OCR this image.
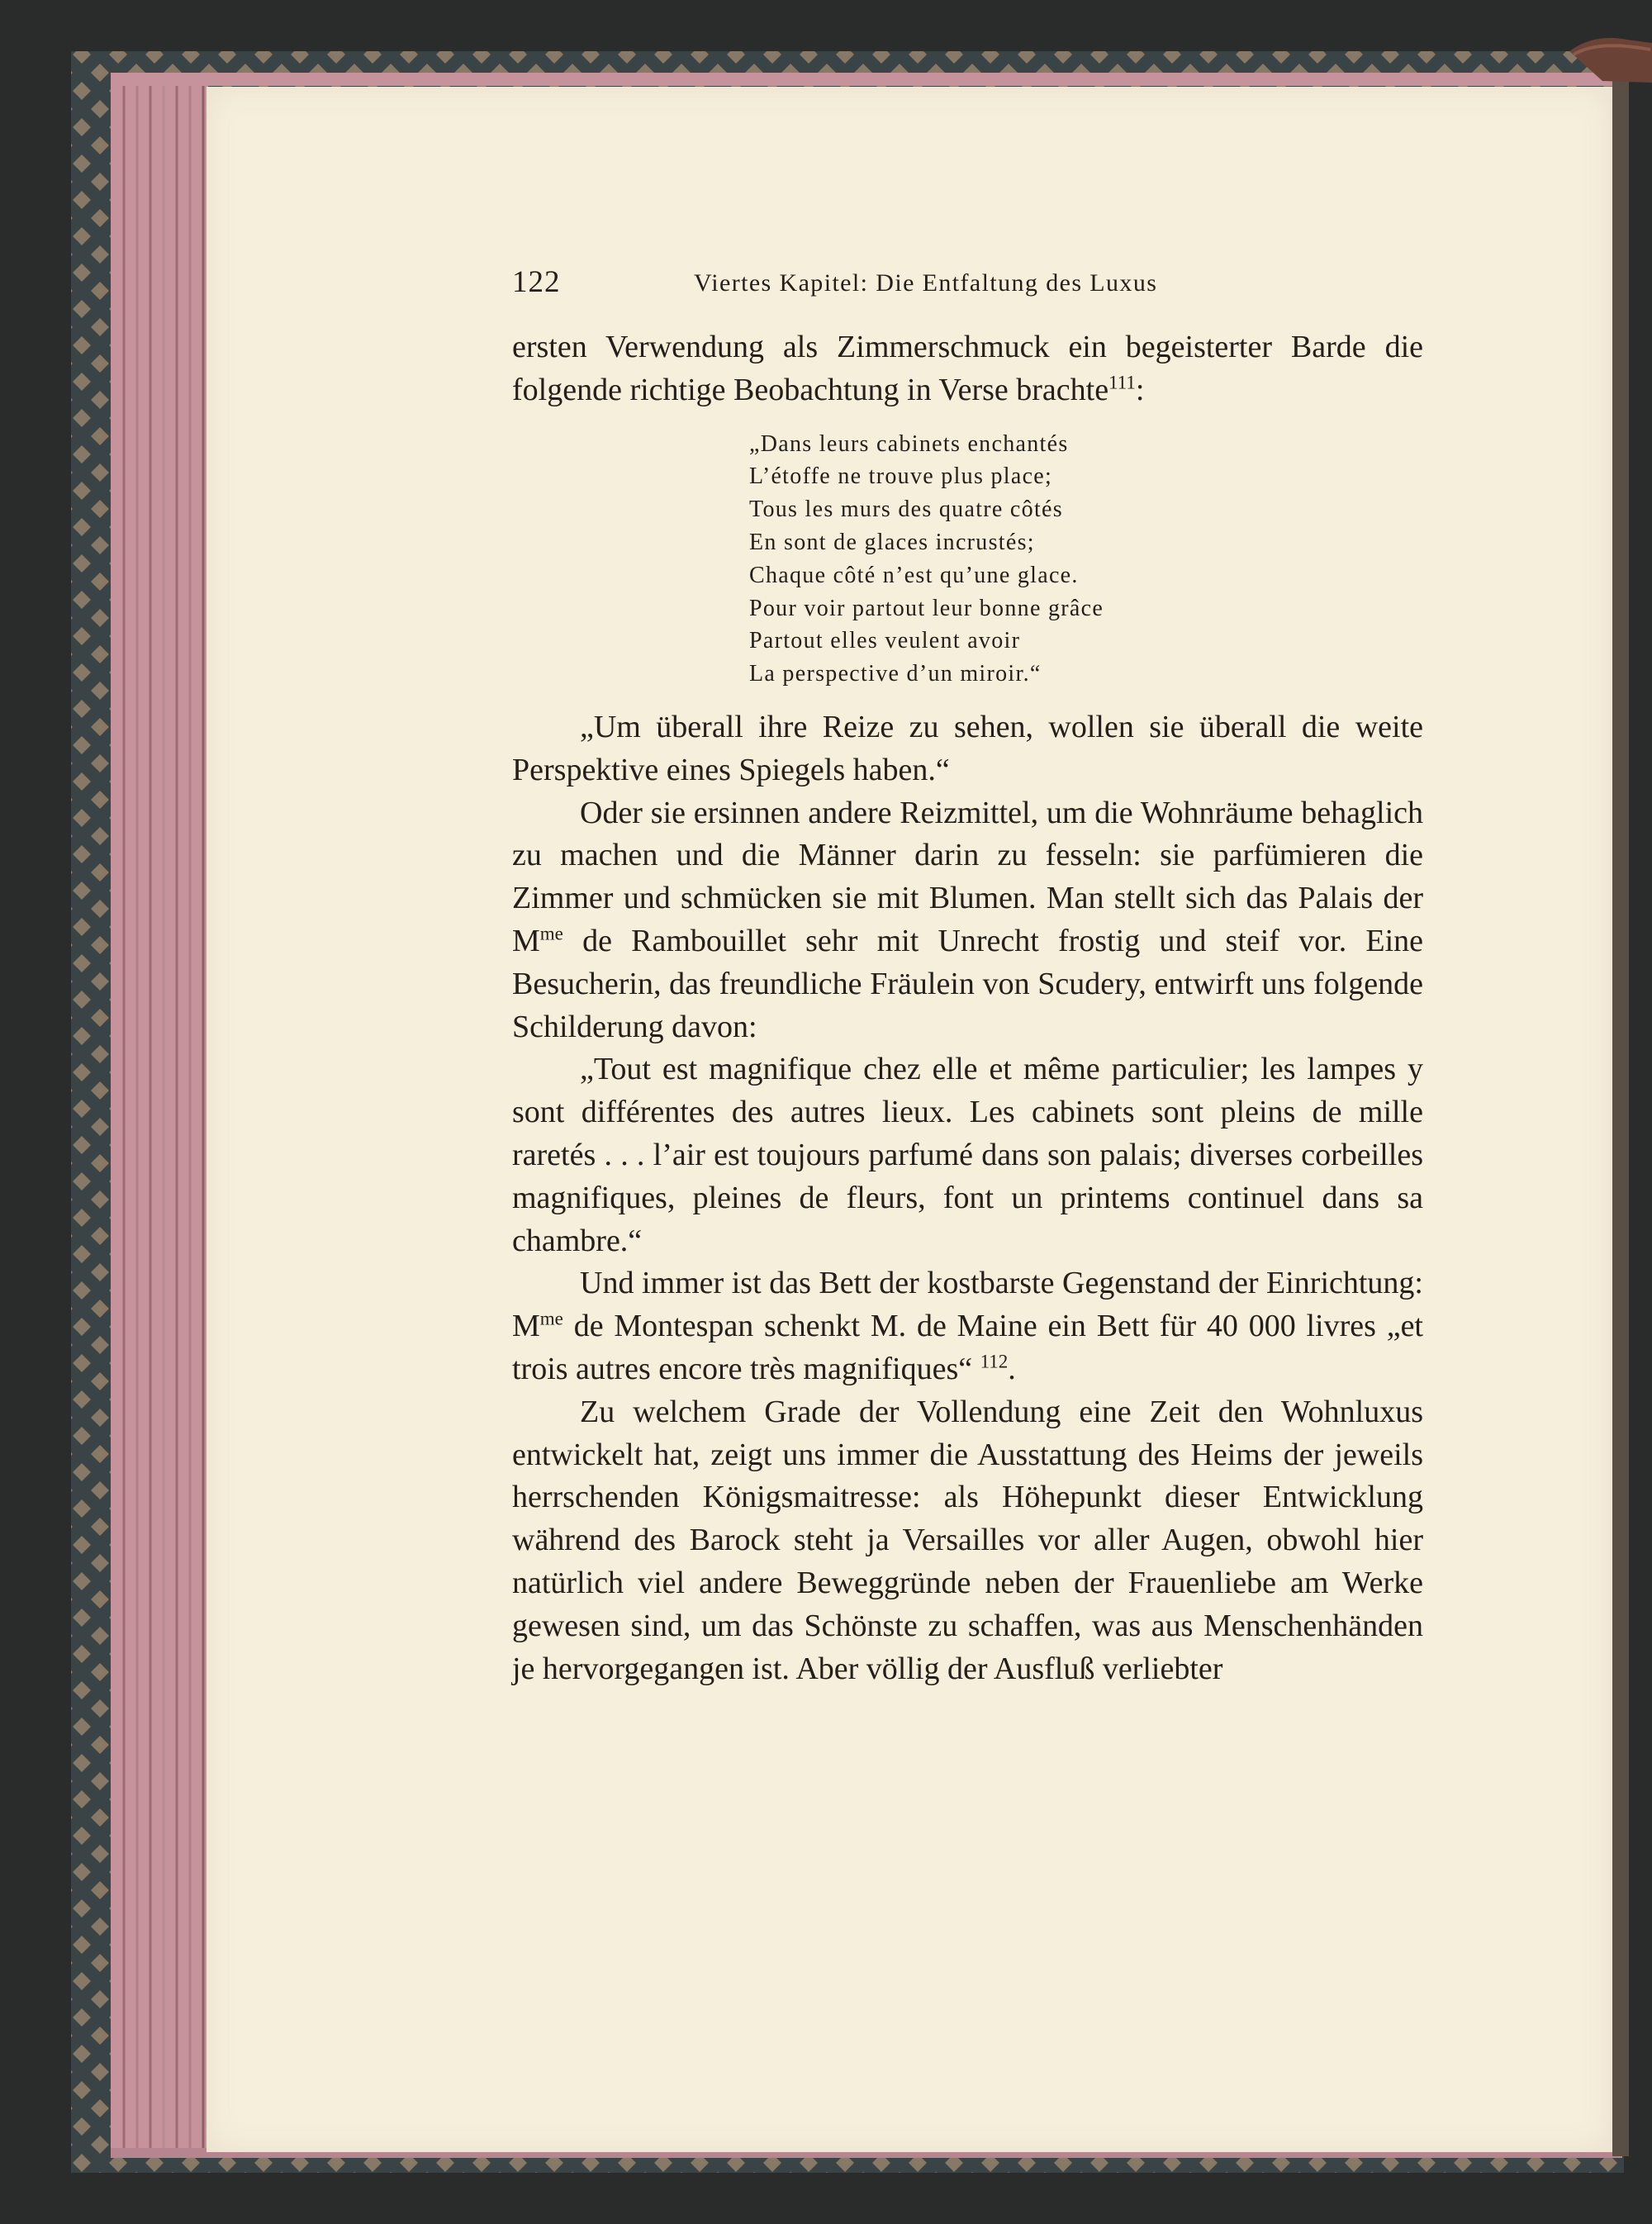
122	Viertes Kapitel: Die Entfaltung des Luxus

ersten Verwendung als Zimmerschmuck ein begeisterter Barde die folgende richtige Beobachtung in Verse brachte$^{111}$:

„Dans leurs cabinets enchantés
L’étoffe ne trouve plus place;
Tous les murs des quatre côtés
En sont de glaces incrustés;
Chaque côté n’est qu’une glace.
Pour voir partout leur bonne grâce
Partout elles veulent avoir
La perspective d’un miroir.“

„Um überall ihre Reize zu sehen, wollen sie überall die weite Perspektive eines Spiegels haben.“

Oder sie ersinnen andere Reizmittel, um die Wohnräume behaglich zu machen und die Männer darin zu fesseln: sie parfümieren die Zimmer und schmücken sie mit Blumen. Man stellt sich das Palais der $M^{me}$ de Rambouillet sehr mit Unrecht frostig und steif vor. Eine Besucherin, das freundliche Fräulein von Scudery, entwirft uns folgende Schilderung davon:

„Tout est magnifique chez elle et même particulier; les lampes y sont différentes des autres lieux. Les cabinets sont pleins de mille raretés . . . l’air est toujours parfumé dans son palais; diverses corbeilles magnifiques, pleines de fleurs, font un printems continuel dans sa chambre.“

Und immer ist das Bett der kostbarste Gegenstand der Einrichtung: $M^{me}$ de Montespan schenkt M. de Maine ein Bett für 40 000 livres „et trois autres encore très magnifiques“ $^{112}$.

Zu welchem Grade der Vollendung eine Zeit den Wohnluxus entwickelt hat, zeigt uns immer die Ausstattung des Heims der jeweils herrschenden Königsmaitresse: als Höhepunkt dieser Entwicklung während des Barock steht ja Versailles vor aller Augen, obwohl hier natürlich viel andere Beweggründe neben der Frauenliebe am Werke gewesen sind, um das Schönste zu schaffen, was aus Menschenhänden je hervorgegangen ist. Aber völlig der Ausfluß verliebter
